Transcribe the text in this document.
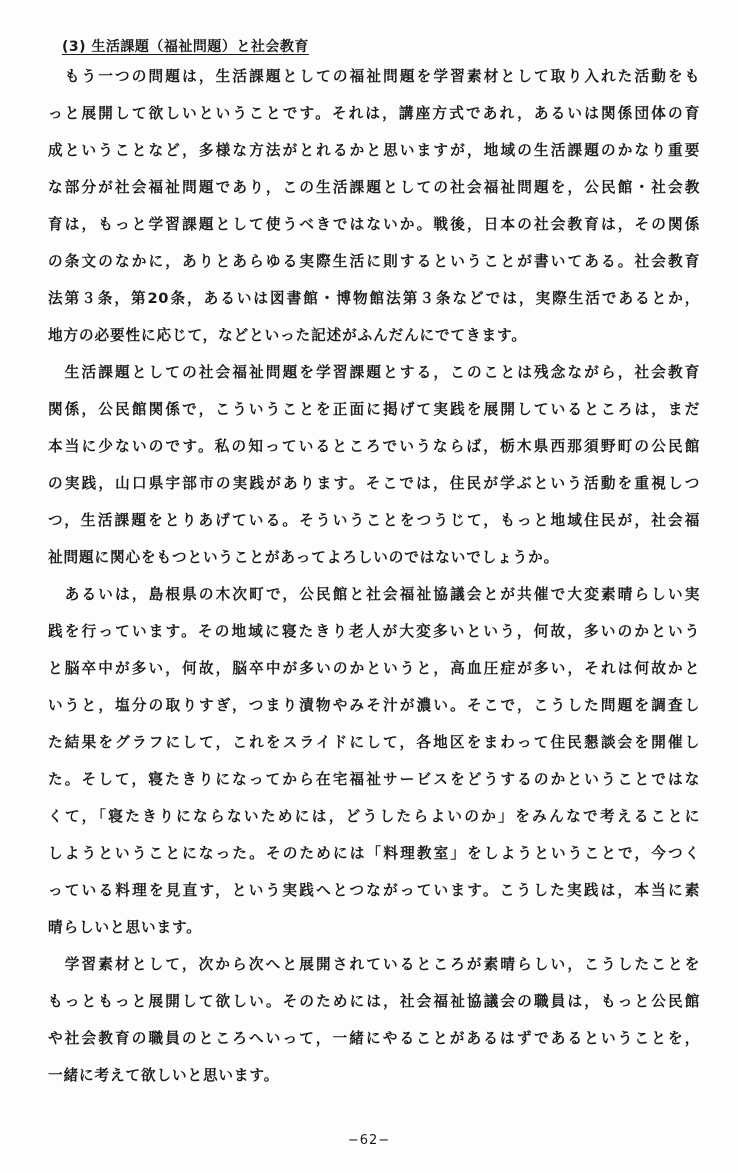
(3) 生活課題（福祉問題）と社会教育
　もう一つの問題は，生活課題としての福祉問題を学習素材として取り入れた活動をも
っと展開して欲しいということです。それは，講座方式であれ，あるいは関係団体の育
成ということなど，多様な方法がとれるかと思いますが，地域の生活課題のかなり重要
な部分が社会福祉問題であり，この生活課題としての社会福祉問題を，公民館・社会教
育は，もっと学習課題として使うべきではないか。戦後，日本の社会教育は，その関係
の条文のなかに，ありとあらゆる実際生活に則するということが書いてある。社会教育
法第３条，第20条，あるいは図書館・博物館法第３条などでは，実際生活であるとか，
地方の必要性に応じて，などといった記述がふんだんにでてきます。
　生活課題としての社会福祉問題を学習課題とする，このことは残念ながら，社会教育
関係，公民館関係で，こういうことを正面に掲げて実践を展開しているところは，まだ
本当に少ないのです。私の知っているところでいうならば，栃木県西那須野町の公民館
の実践，山口県宇部市の実践があります。そこでは，住民が学ぶという活動を重視しつ
つ，生活課題をとりあげている。そういうことをつうじて，もっと地域住民が，社会福
祉問題に関心をもつということがあってよろしいのではないでしょうか。
　あるいは，島根県の木次町で，公民館と社会福祉協議会とが共催で大変素晴らしい実
践を行っています。その地域に寝たきり老人が大変多いという，何故，多いのかという
と脳卒中が多い，何故，脳卒中が多いのかというと，高血圧症が多い，それは何故かと
いうと，塩分の取りすぎ，つまり漬物やみそ汁が濃い。そこで，こうした問題を調査し
た結果をグラフにして，これをスライドにして，各地区をまわって住民懇談会を開催し
た。そして，寝たきりになってから在宅福祉サービスをどうするのかということではな
くて，「寝たきりにならないためには，どうしたらよいのか」をみんなで考えることに
しようということになった。そのためには「料理教室」をしようということで，今つく
っている料理を見直す，という実践へとつながっています。こうした実践は，本当に素
晴らしいと思います。
　学習素材として，次から次へと展開されているところが素晴らしい，こうしたことを
もっともっと展開して欲しい。そのためには，社会福祉協議会の職員は，もっと公民館
や社会教育の職員のところへいって，一緒にやることがあるはずであるということを，
一緒に考えて欲しいと思います。
−62−
